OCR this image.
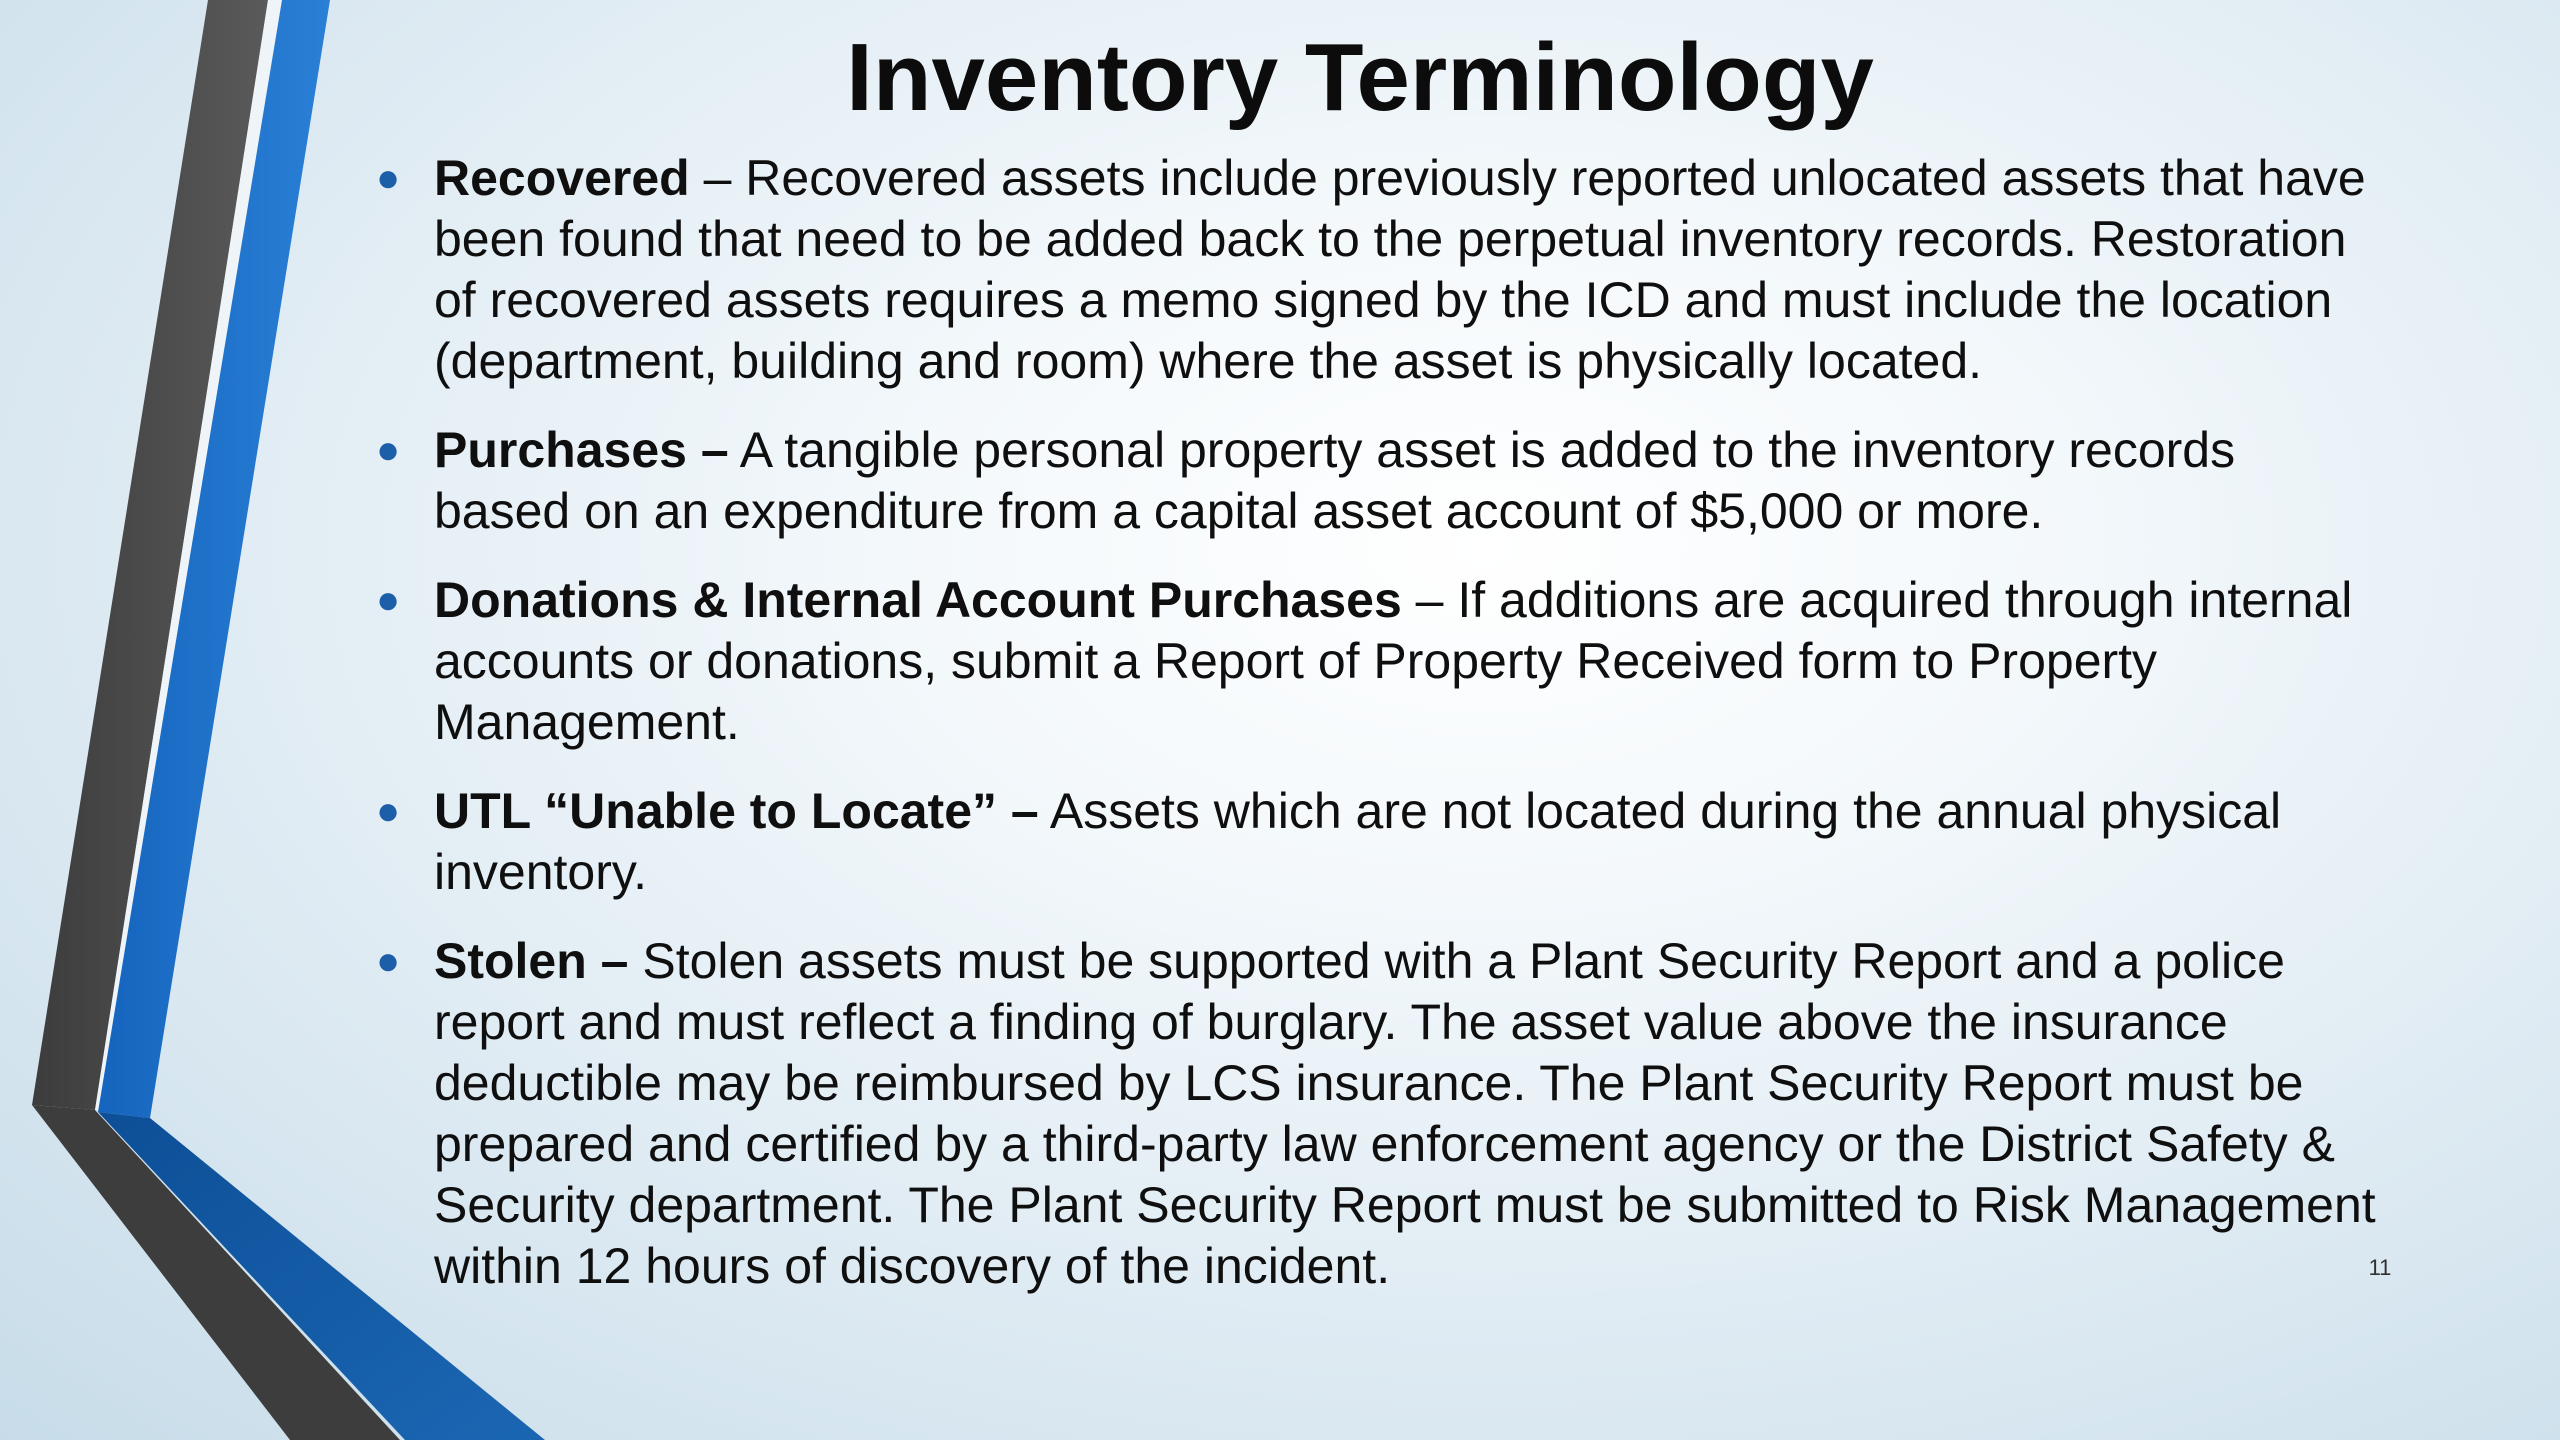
Inventory Terminology
● Recovered – Recovered assets include previously reported unlocated assets that have been found that need to be added back to the perpetual inventory records. Restoration of recovered assets requires a memo signed by the ICD and must include the location (department, building and room) where the asset is physically located.
● Purchases – A tangible personal property asset is added to the inventory records based on an expenditure from a capital asset account of $5,000 or more.
● Donations & Internal Account Purchases – If additions are acquired through internal accounts or donations, submit a Report of Property Received form to Property Management.
● UTL “Unable to Locate” – Assets which are not located during the annual physical inventory.
● Stolen – Stolen assets must be supported with a Plant Security Report and a police report and must reflect a finding of burglary. The asset value above the insurance deductible may be reimbursed by LCS insurance. The Plant Security Report must be prepared and certified by a third-party law enforcement agency or the District Safety & Security department. The Plant Security Report must be submitted to Risk Management within 12 hours of discovery of the incident.	11
